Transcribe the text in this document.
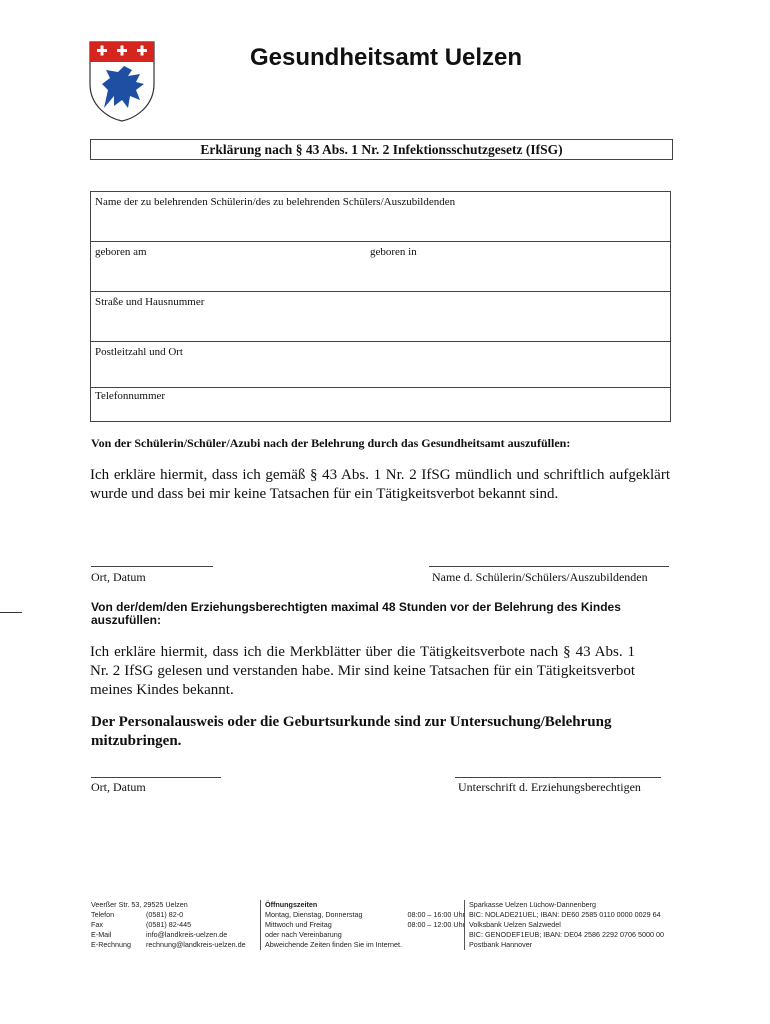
Gesundheitsamt Uelzen
Erklärung nach § 43 Abs. 1 Nr. 2 Infektionsschutzgesetz (IfSG)
Name der zu belehrenden Schülerin/des zu belehrenden Schülers/Auszubildenden
geboren am	geboren in
Straße und Hausnummer
Postleitzahl und Ort
Telefonnummer
Von der Schülerin/Schüler/Azubi nach der Belehrung durch das Gesundheitsamt auszufüllen:
Ich erkläre hiermit, dass ich gemäß § 43 Abs. 1 Nr. 2 IfSG mündlich und schriftlich aufgeklärt wurde und dass bei mir keine Tatsachen für ein Tätigkeitsverbot bekannt sind.
Ort, Datum	Name d. Schülerin/Schülers/Auszubildenden
Von der/dem/den Erziehungsberechtigten maximal 48 Stunden vor der Belehrung des Kindes auszufüllen:
Ich erkläre hiermit, dass ich die Merkblätter über die Tätigkeitsverbote nach § 43 Abs. 1 Nr. 2 IfSG gelesen und verstanden habe. Mir sind keine Tatsachen für ein Tätigkeitsverbot meines Kindes bekannt.
Der Personalausweis oder die Geburtsurkunde sind zur Untersuchung/Belehrung mitzubringen.
Ort, Datum	Unterschrift d. Erziehungsberechtigen
Veerßer Str. 53, 29525 Uelzen
Telefon	(0581) 82-0
Fax	(0581) 82-445
E-Mail	info@landkreis-uelzen.de
E-Rechnung	rechnung@landkreis-uelzen.de
Öffnungszeiten
Montag, Dienstag, Donnerstag	08:00 – 16:00 Uhr
Mittwoch und Freitag	08:00 – 12:00 Uhr
oder nach Vereinbarung
Abweichende Zeiten finden Sie im Internet.
Sparkasse Uelzen Lüchow-Dannenberg
BIC: NOLADE21UEL; IBAN: DE60 2585 0110 0000 0029 64
Volksbank Uelzen Salzwedel
BIC: GENODEF1EUB; IBAN: DE04 2586 2292 0706 5000 00
Postbank Hannover
